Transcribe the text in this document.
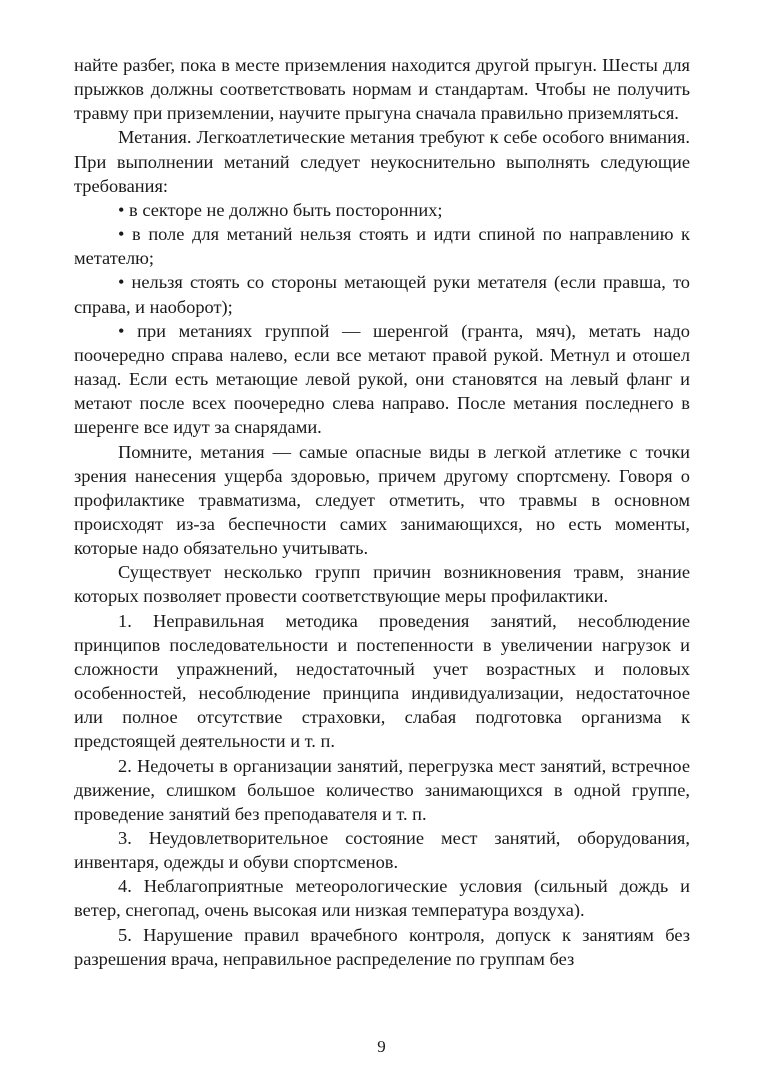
найте разбег, пока в месте приземления находится другой прыгун. Шесты для прыжков должны соответствовать нормам и стандартам. Чтобы не получить травму при приземлении, научите прыгуна сначала правильно приземляться.

Метания. Легкоатлетические метания требуют к себе особого внимания. При выполнении метаний следует неукоснительно выполнять следующие требования:

• в секторе не должно быть посторонних;

• в поле для метаний нельзя стоять и идти спиной по направлению к метателю;

• нельзя стоять со стороны метающей руки метателя (если правша, то справа, и наоборот);

• при метаниях группой — шеренгой (гранта, мяч), метать надо поочередно справа налево, если все метают правой рукой. Метнул и отошел назад. Если есть метающие левой рукой, они становятся на левый фланг и метают после всех поочередно слева направо. После метания последнего в шеренге все идут за снарядами.

Помните, метания — самые опасные виды в легкой атлетике с точки зрения нанесения ущерба здоровью, причем другому спортсмену. Говоря о профилактике травматизма, следует отметить, что травмы в основном происходят из-за беспечности самих занимающихся, но есть моменты, которые надо обязательно учитывать.

Существует несколько групп причин возникновения травм, знание которых позволяет провести соответствующие меры профилактики.

1. Неправильная методика проведения занятий, несоблюдение принципов последовательности и постепенности в увеличении нагрузок и сложности упражнений, недостаточный учет возрастных и половых особенностей, несоблюдение принципа индивидуализации, недостаточное или полное отсутствие страховки, слабая подготовка организма к предстоящей деятельности и т. п.

2. Недочеты в организации занятий, перегрузка мест занятий, встречное движение, слишком большое количество занимающихся в одной группе, проведение занятий без преподавателя и т. п.

3. Неудовлетворительное состояние мест занятий, оборудования, инвентаря, одежды и обуви спортсменов.

4. Неблагоприятные метеорологические условия (сильный дождь и ветер, снегопад, очень высокая или низкая температура воздуха).

5. Нарушение правил врачебного контроля, допуск к занятиям без разрешения врача, неправильное распределение по группам без

9
